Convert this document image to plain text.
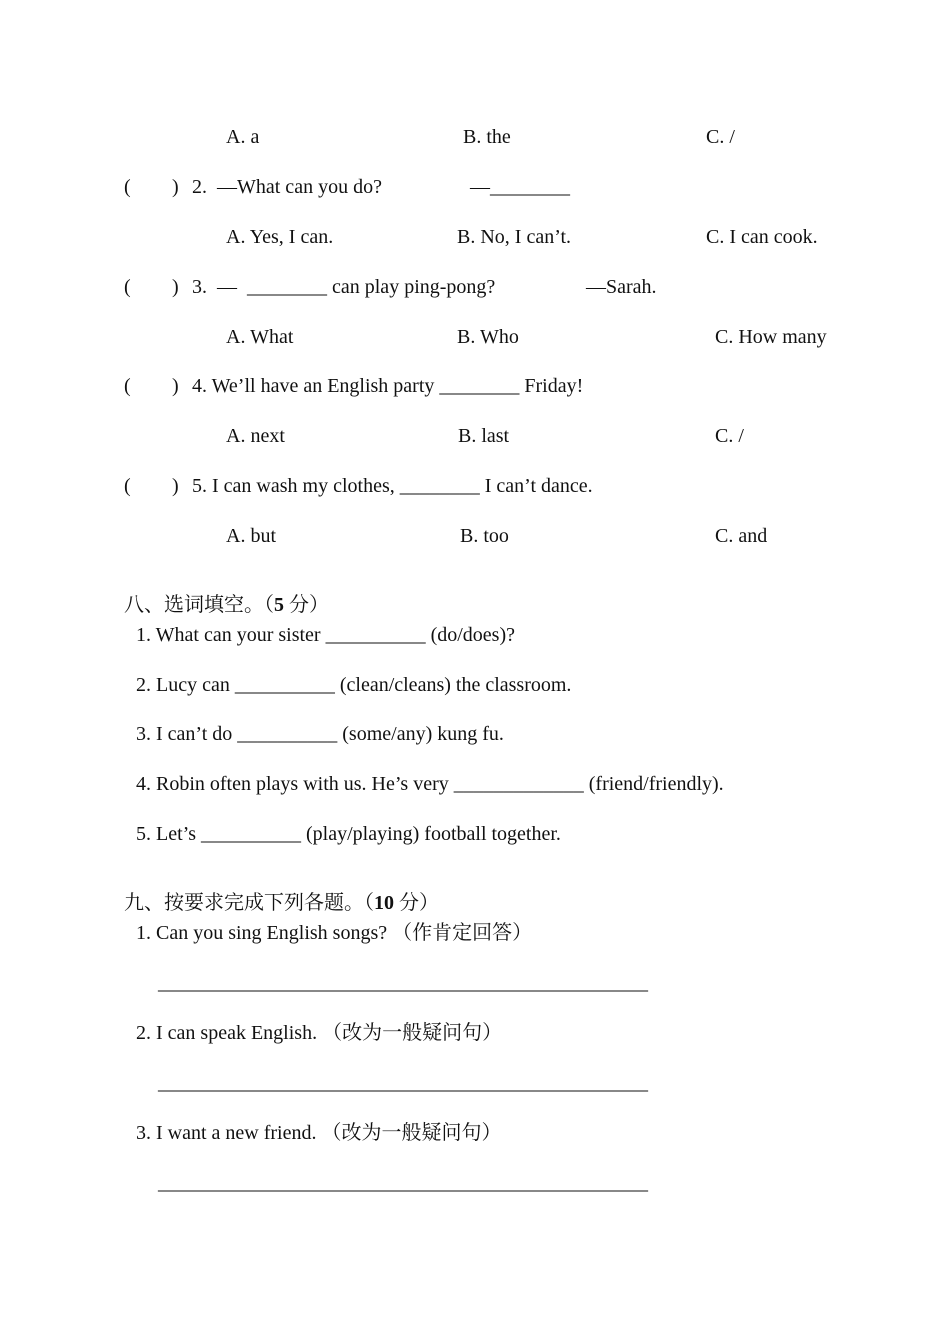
A. a	B. the	C. /
( ) 2.  —What can you do?	—________
A. Yes, I can.	B. No, I can’t.	C. I can cook.
( ) 3.  —  ________ can play ping-pong?	—Sarah.
A. What	B. Who	C. How many
( ) 4. We’ll have an English party ________ Friday!
A. next	B. last	C. /
( ) 5. I can wash my clothes, ________ I can’t dance.
A. but	B. too	C. and

八、选词填空。（5 分）

1. What can your sister __________ (do/does)?
2. Lucy can __________ (clean/cleans) the classroom.
3. I can’t do __________ (some/any) kung fu.
4. Robin often plays with us. He’s very _____________ (friend/friendly).
5. Let’s __________ (play/playing) football together.

九、按要求完成下列各题。（10 分）

1. Can you sing English songs? （作肯定回答）
_________________________________________________
2. I can speak English. （改为一般疑问句）
_________________________________________________
3. I want a new friend. （改为一般疑问句）
_________________________________________________
